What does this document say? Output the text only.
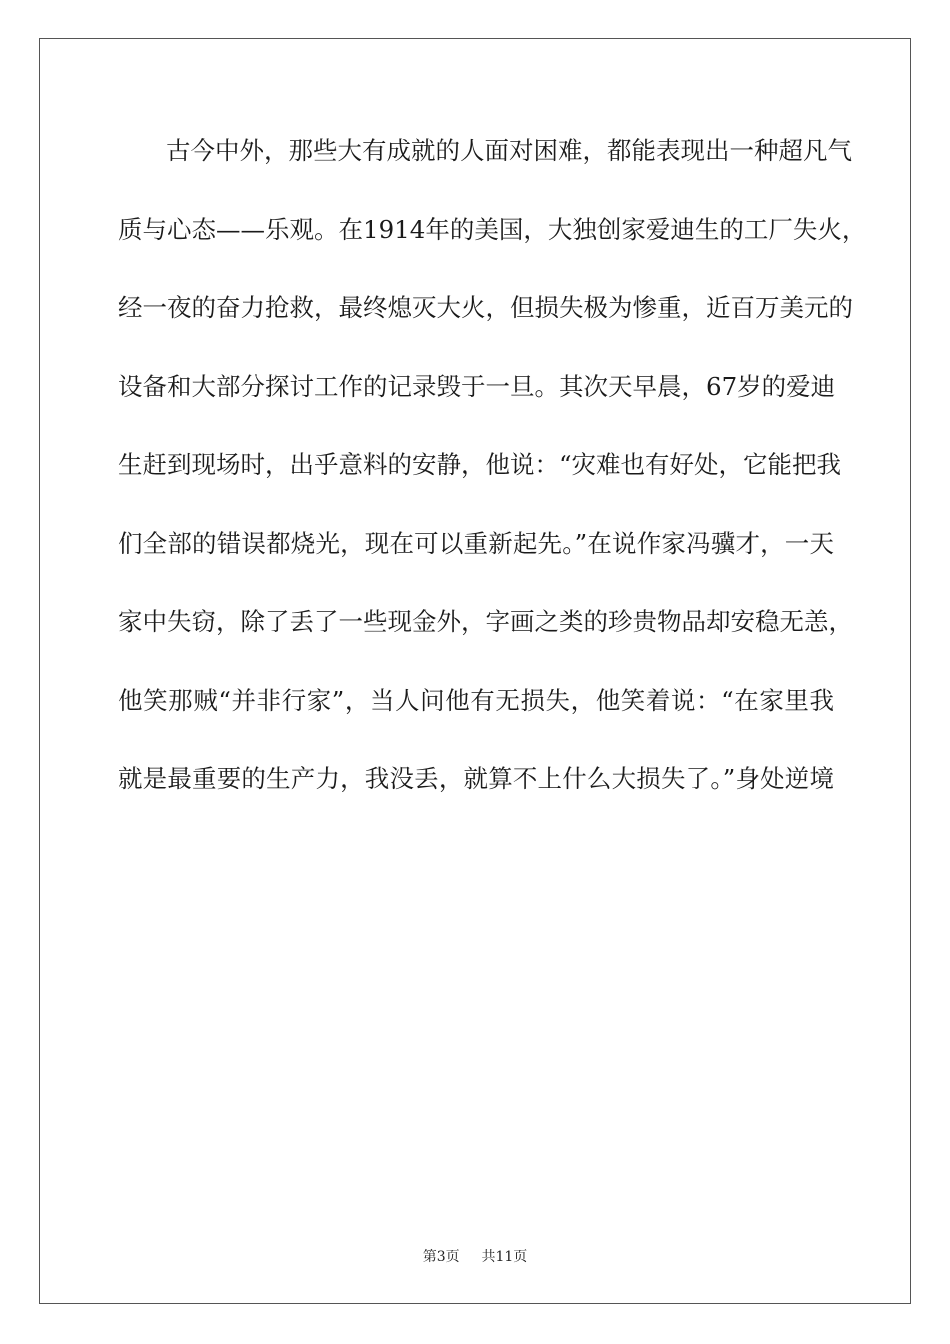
古今中外，那些大有成就的人面对困难，都能表现出一种超凡气
质与心态——乐观。在1914年的美国，大独创家爱迪生的工厂失火，
经一夜的奋力抢救，最终熄灭大火，但损失极为惨重，近百万美元的
设备和大部分探讨工作的记录毁于一旦。其次天早晨，67岁的爱迪
生赶到现场时，出乎意料的安静，他说：“灾难也有好处，它能把我
们全部的错误都烧光，现在可以重新起先。”在说作家冯骥才，一天
家中失窃，除了丢了一些现金外，字画之类的珍贵物品却安稳无恙，
他笑那贼“并非行家”，当人问他有无损失，他笑着说：“在家里我
就是最重要的生产力，我没丢，就算不上什么大损失了。”身处逆境
第3页 共11页
